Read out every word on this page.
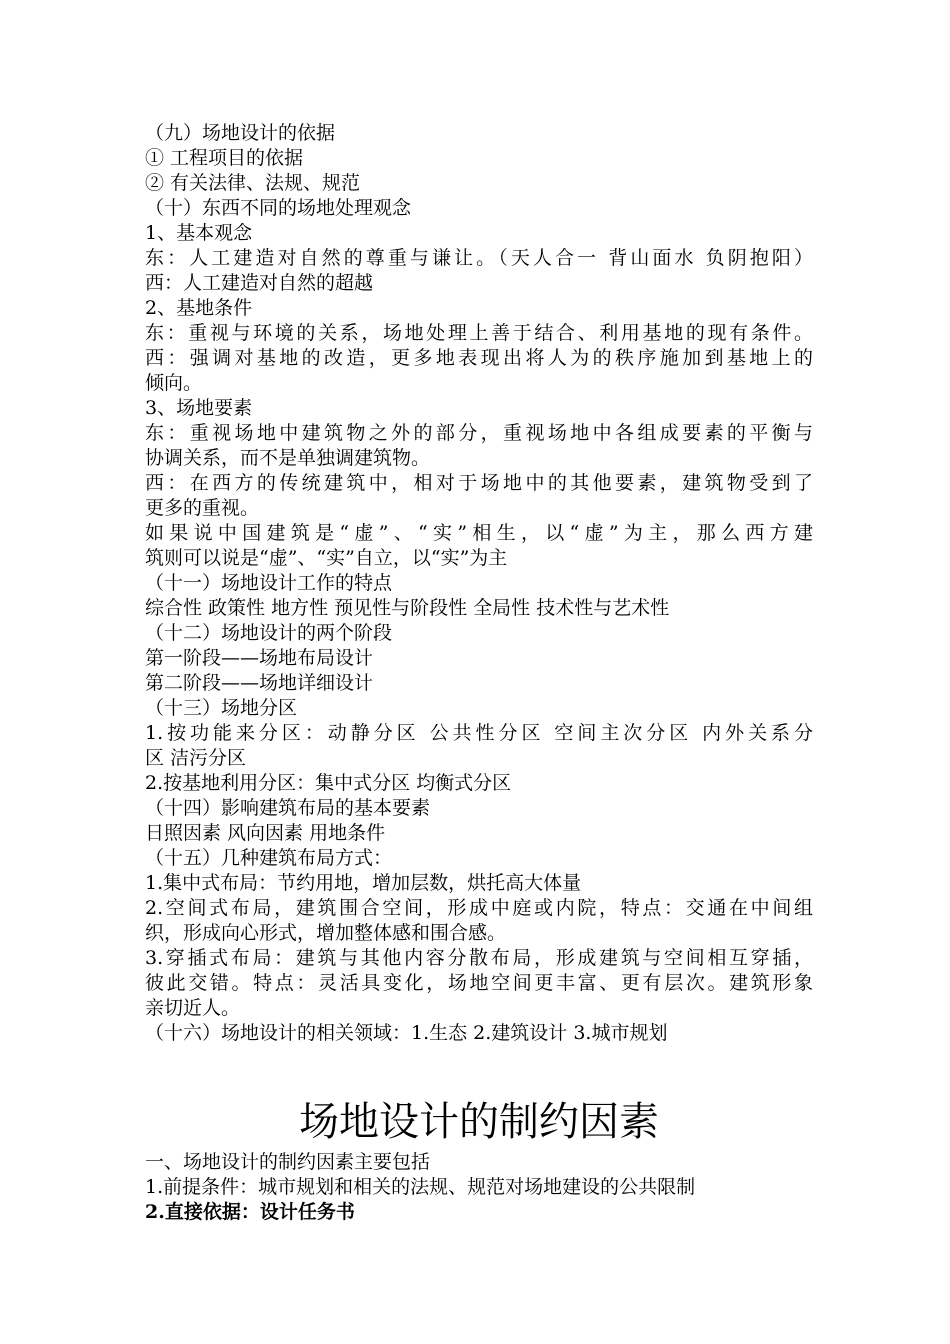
（九）场地设计的依据
① 工程项目的依据
② 有关法律、法规、规范
（十）东西不同的场地处理观念
1、基本观念
东：人工建造对自然的尊重与谦让。（天人合一 背山面水 负阴抱阳）
西：人工建造对自然的超越
2、基地条件
东：重视与环境的关系，场地处理上善于结合、利用基地的现有条件。
西：强调对基地的改造，更多地表现出将人为的秩序施加到基地上的
倾向。
3、场地要素
东：重视场地中建筑物之外的部分，重视场地中各组成要素的平衡与
协调关系，而不是单独调建筑物。
西：在西方的传统建筑中，相对于场地中的其他要素，建筑物受到了
更多的重视。
如果说中国建筑是“虚”、“实”相生，以“虚”为主，那么西方建
筑则可以说是“虚”、“实”自立，以“实”为主
（十一）场地设计工作的特点
综合性 政策性 地方性 预见性与阶段性 全局性 技术性与艺术性
（十二）场地设计的两个阶段
第一阶段——场地布局设计
第二阶段——场地详细设计
（十三）场地分区
1.按功能来分区：动静分区 公共性分区 空间主次分区 内外关系分
区 洁污分区
2.按基地利用分区：集中式分区 均衡式分区
（十四）影响建筑布局的基本要素
日照因素 风向因素 用地条件
（十五）几种建筑布局方式：
1.集中式布局：节约用地，增加层数，烘托高大体量
2.空间式布局，建筑围合空间，形成中庭或内院，特点：交通在中间组
织，形成向心形式，增加整体感和围合感。
3.穿插式布局：建筑与其他内容分散布局，形成建筑与空间相互穿插，
彼此交错。特点：灵活具变化，场地空间更丰富、更有层次。建筑形象
亲切近人。
（十六）场地设计的相关领域：1.生态 2.建筑设计 3.城市规划
场地设计的制约因素
一、场地设计的制约因素主要包括
1.前提条件：城市规划和相关的法规、规范对场地建设的公共限制
2.直接依据：设计任务书
